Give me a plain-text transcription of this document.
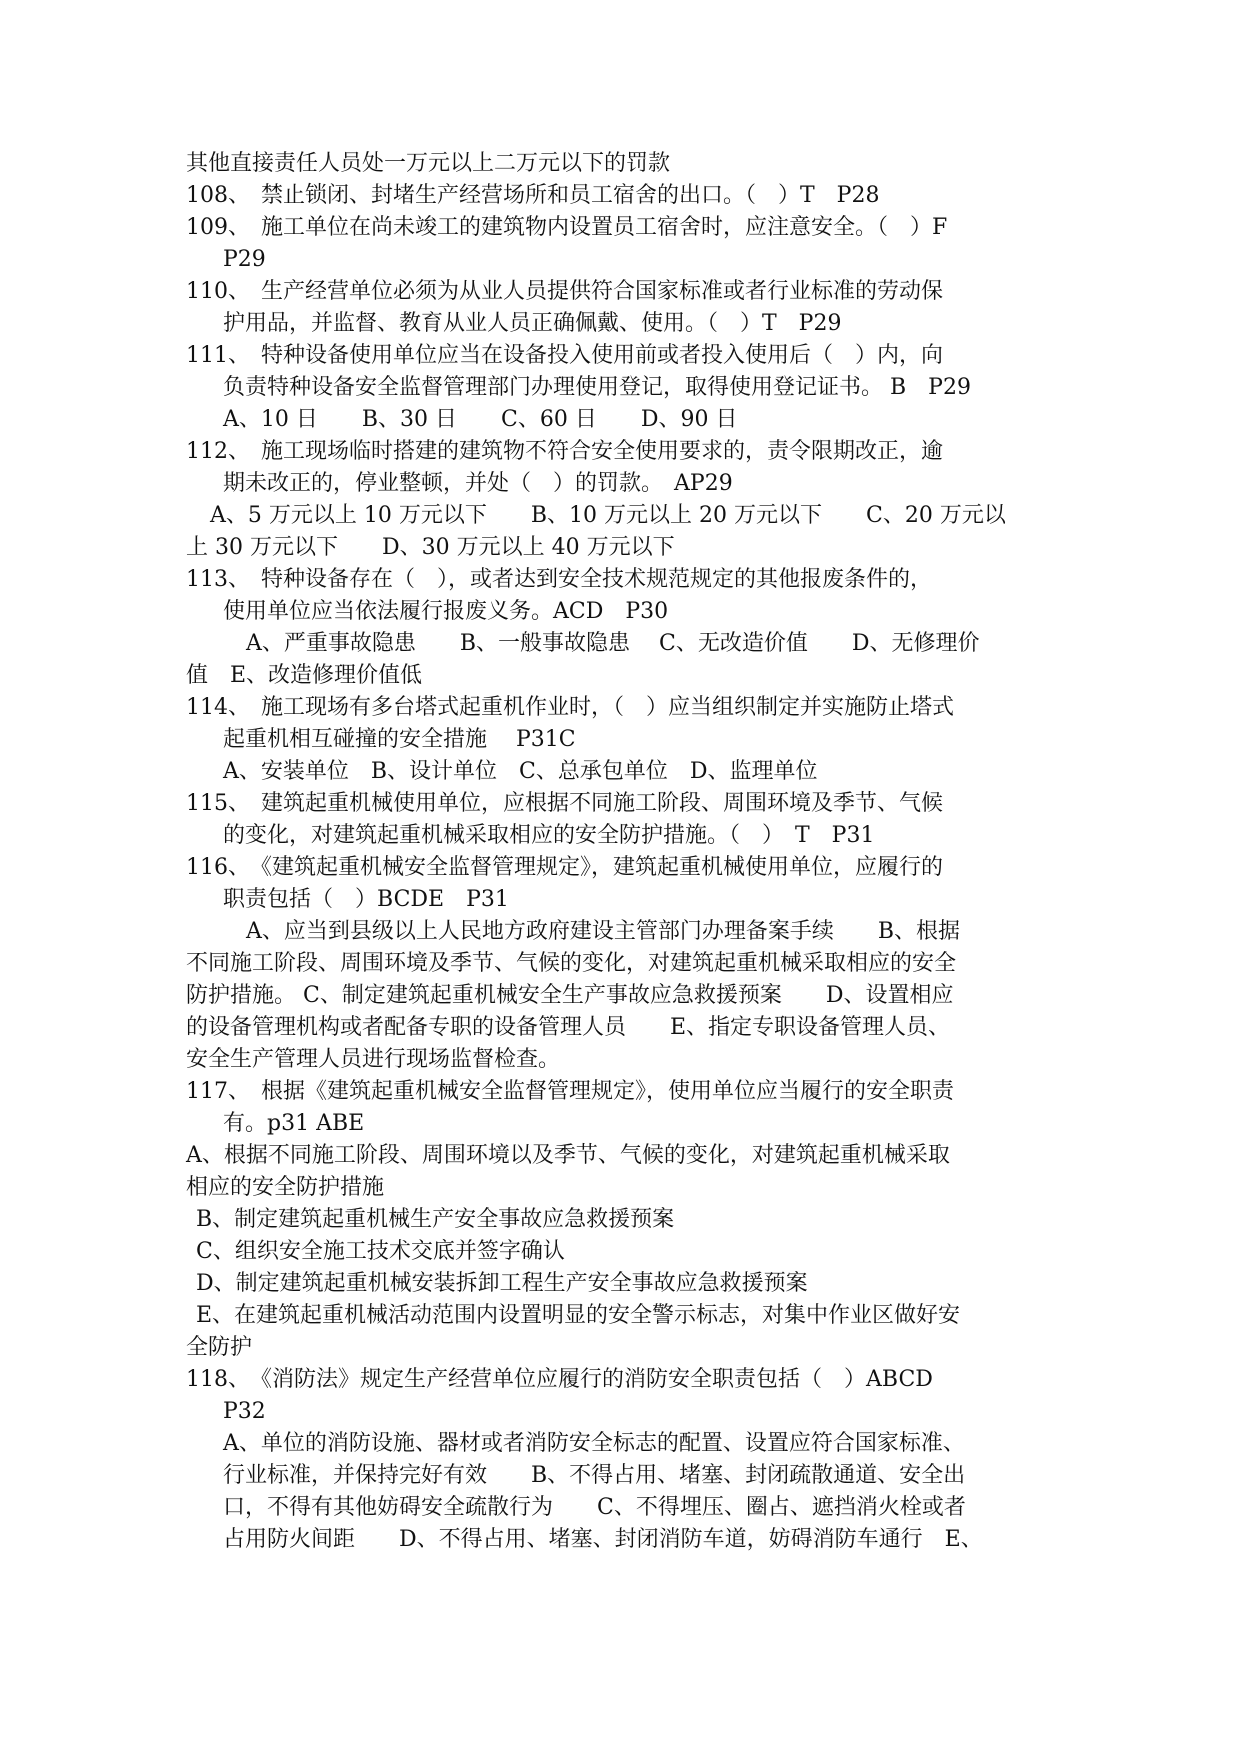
其他直接责任人员处一万元以上二万元以下的罚款
108、　禁止锁闭、封堵生产经营场所和员工宿舍的出口。（　）T　P28
109、　施工单位在尚未竣工的建筑物内设置员工宿舍时，应注意安全。（　）F
P29
110、　生产经营单位必须为从业人员提供符合国家标准或者行业标准的劳动保
护用品，并监督、教育从业人员正确佩戴、使用。（　）T　P29
111、　特种设备使用单位应当在设备投入使用前或者投入使用后（　）内，向
负责特种设备安全监督管理部门办理使用登记，取得使用登记证书。 B　P29
A、10 日　　B、30 日　　C、60 日　　D、90 日
112、　施工现场临时搭建的建筑物不符合安全使用要求的，责令限期改正，逾
期未改正的，停业整顿，并处（　）的罚款。　AP29
A、5 万元以上 10 万元以下　　B、10 万元以上 20 万元以下　　C、20 万元以
上 30 万元以下　　D、30 万元以上 40 万元以下
113、　特种设备存在（　），或者达到安全技术规范规定的其他报废条件的，
使用单位应当依法履行报废义务。ACD　P30
A、严重事故隐患　　B、一般事故隐患　 C、无改造价值　　D、无修理价
值　E、改造修理价值低
114、　施工现场有多台塔式起重机作业时，（　）应当组织制定并实施防止塔式
起重机相互碰撞的安全措施　 P31C
A、安装单位　B、设计单位　C、总承包单位　D、监理单位
115、　建筑起重机械使用单位，应根据不同施工阶段、周围环境及季节、气候
的变化，对建筑起重机械采取相应的安全防护措施。（　）　T　P31
116、　《建筑起重机械安全监督管理规定》，建筑起重机械使用单位，应履行的
职责包括（　）BCDE　P31
A、应当到县级以上人民地方政府建设主管部门办理备案手续　　B、根据
不同施工阶段、周围环境及季节、气候的变化，对建筑起重机械采取相应的安全
防护措施。 C、制定建筑起重机械安全生产事故应急救援预案　　D、设置相应
的设备管理机构或者配备专职的设备管理人员　　E、指定专职设备管理人员、
安全生产管理人员进行现场监督检查。
117、　根据《建筑起重机械安全监督管理规定》，使用单位应当履行的安全职责
有。p31 ABE
A、根据不同施工阶段、周围环境以及季节、气候的变化，对建筑起重机械采取
相应的安全防护措施
B、制定建筑起重机械生产安全事故应急救援预案
C、组织安全施工技术交底并签字确认
D、制定建筑起重机械安装拆卸工程生产安全事故应急救援预案
E、在建筑起重机械活动范围内设置明显的安全警示标志，对集中作业区做好安
全防护
118、　《消防法》规定生产经营单位应履行的消防安全职责包括（　）ABCD
P32
A、单位的消防设施、器材或者消防安全标志的配置、设置应符合国家标准、
行业标准，并保持完好有效　　B、不得占用、堵塞、封闭疏散通道、安全出
口，不得有其他妨碍安全疏散行为　　C、不得埋压、圈占、遮挡消火栓或者
占用防火间距　　D、不得占用、堵塞、封闭消防车道，妨碍消防车通行　E、
